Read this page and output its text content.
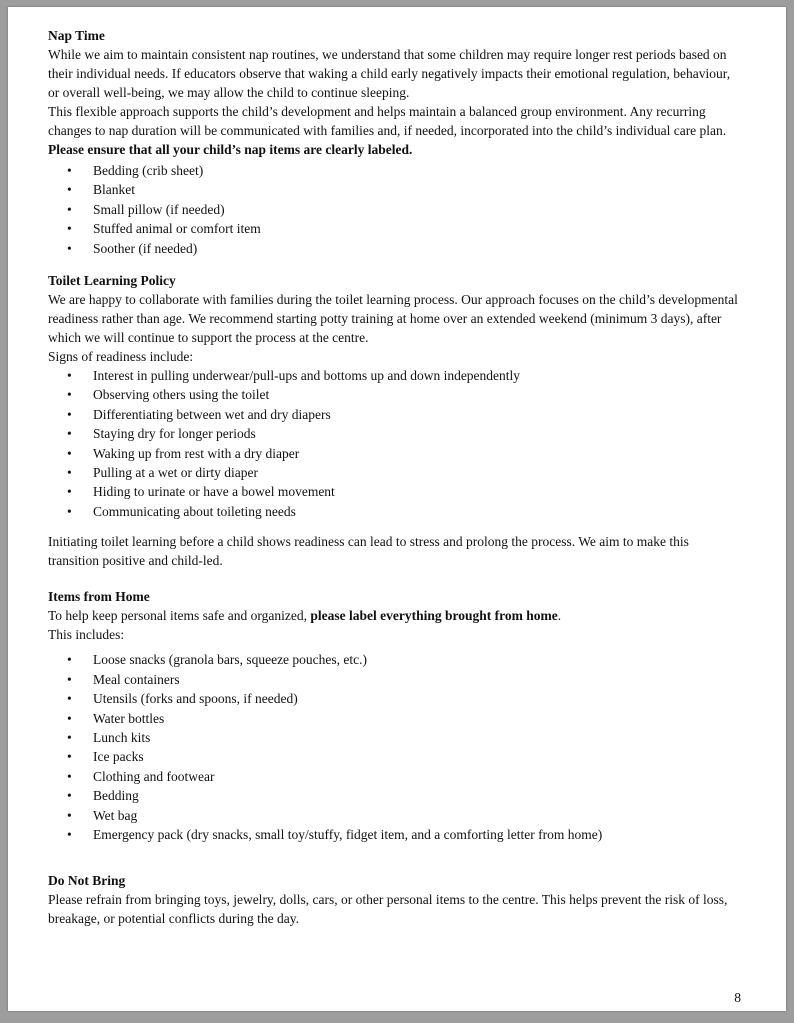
Nap Time

While we aim to maintain consistent nap routines, we understand that some children may require longer rest periods based on their individual needs. If educators observe that waking a child early negatively impacts their emotional regulation, behaviour, or overall well-being, we may allow the child to continue sleeping.

This flexible approach supports the child’s development and helps maintain a balanced group environment. Any recurring changes to nap duration will be communicated with families and, if needed, incorporated into the child’s individual care plan.

Please ensure that all your child’s nap items are clearly labeled.

• Bedding (crib sheet)
• Blanket
• Small pillow (if needed)
• Stuffed animal or comfort item
• Soother (if needed)
Toilet Learning Policy

We are happy to collaborate with families during the toilet learning process. Our approach focuses on the child’s developmental readiness rather than age. We recommend starting potty training at home over an extended weekend (minimum 3 days), after which we will continue to support the process at the centre.

Signs of readiness include:

• Interest in pulling underwear/pull-ups and bottoms up and down independently
• Observing others using the toilet
• Differentiating between wet and dry diapers
• Staying dry for longer periods
• Waking up from rest with a dry diaper
• Pulling at a wet or dirty diaper
• Hiding to urinate or have a bowel movement
• Communicating about toileting needs

Initiating toilet learning before a child shows readiness can lead to stress and prolong the process. We aim to make this transition positive and child-led.

Items from Home

To help keep personal items safe and organized, please label everything brought from home.

This includes:

• Loose snacks (granola bars, squeeze pouches, etc.)
• Meal containers
• Utensils (forks and spoons, if needed)
• Water bottles
• Lunch kits
• Ice packs
• Clothing and footwear
• Bedding
• Wet bag
• Emergency pack (dry snacks, small toy/stuffy, fidget item, and a comforting letter from home)
Do Not Bring

Please refrain from bringing toys, jewelry, dolls, cars, or other personal items to the centre. This helps prevent the risk of loss, breakage, or potential conflicts during the day.

8
